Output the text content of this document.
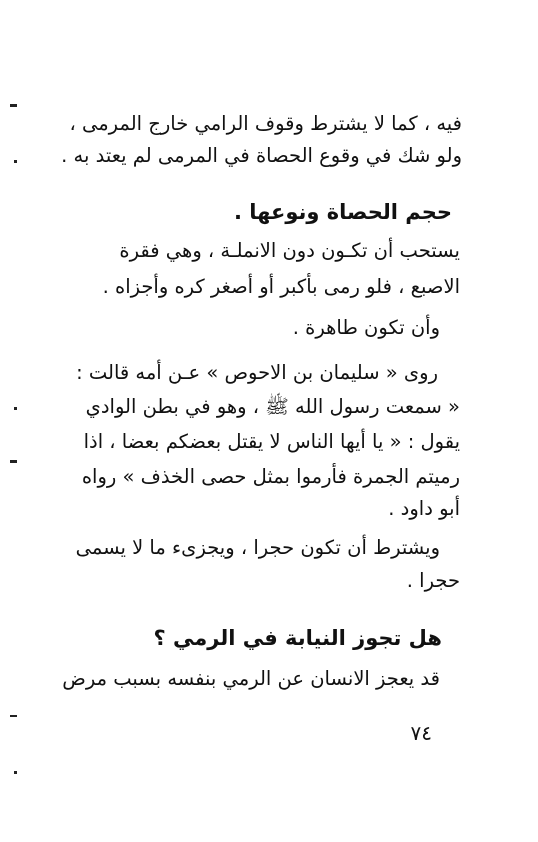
فيه ، كما لا يشترط وقوف الرامي خارج المرمى ،
ولو شك في وقوع الحصاة في المرمى لم يعتد به .
حجم الحصاة ونوعها .
يستحب أن تكـون دون الانملـة ، وهي فقرة
الاصبع ، فلو رمى بأكبر أو أصغر كره وأجزاه .
وأن تكون طاهرة .
روى « سليمان بن الاحوص » عـن أمه قالت :
« سمعت رسول الله ﷺ ، وهو في بطن الوادي
يقول : « يا أيها الناس لا يقتل بعضكم بعضا ، اذا
رميتم الجمرة فأرموا بمثل حصى الخذف » رواه
أبو داود .
ويشترط أن تكون حجرا ، ويجزىء ما لا يسمى
حجرا .
هل تجوز النيابة في الرمي ؟
قد يعجز الانسان عن الرمي بنفسه بسبب مرض
٧٤
